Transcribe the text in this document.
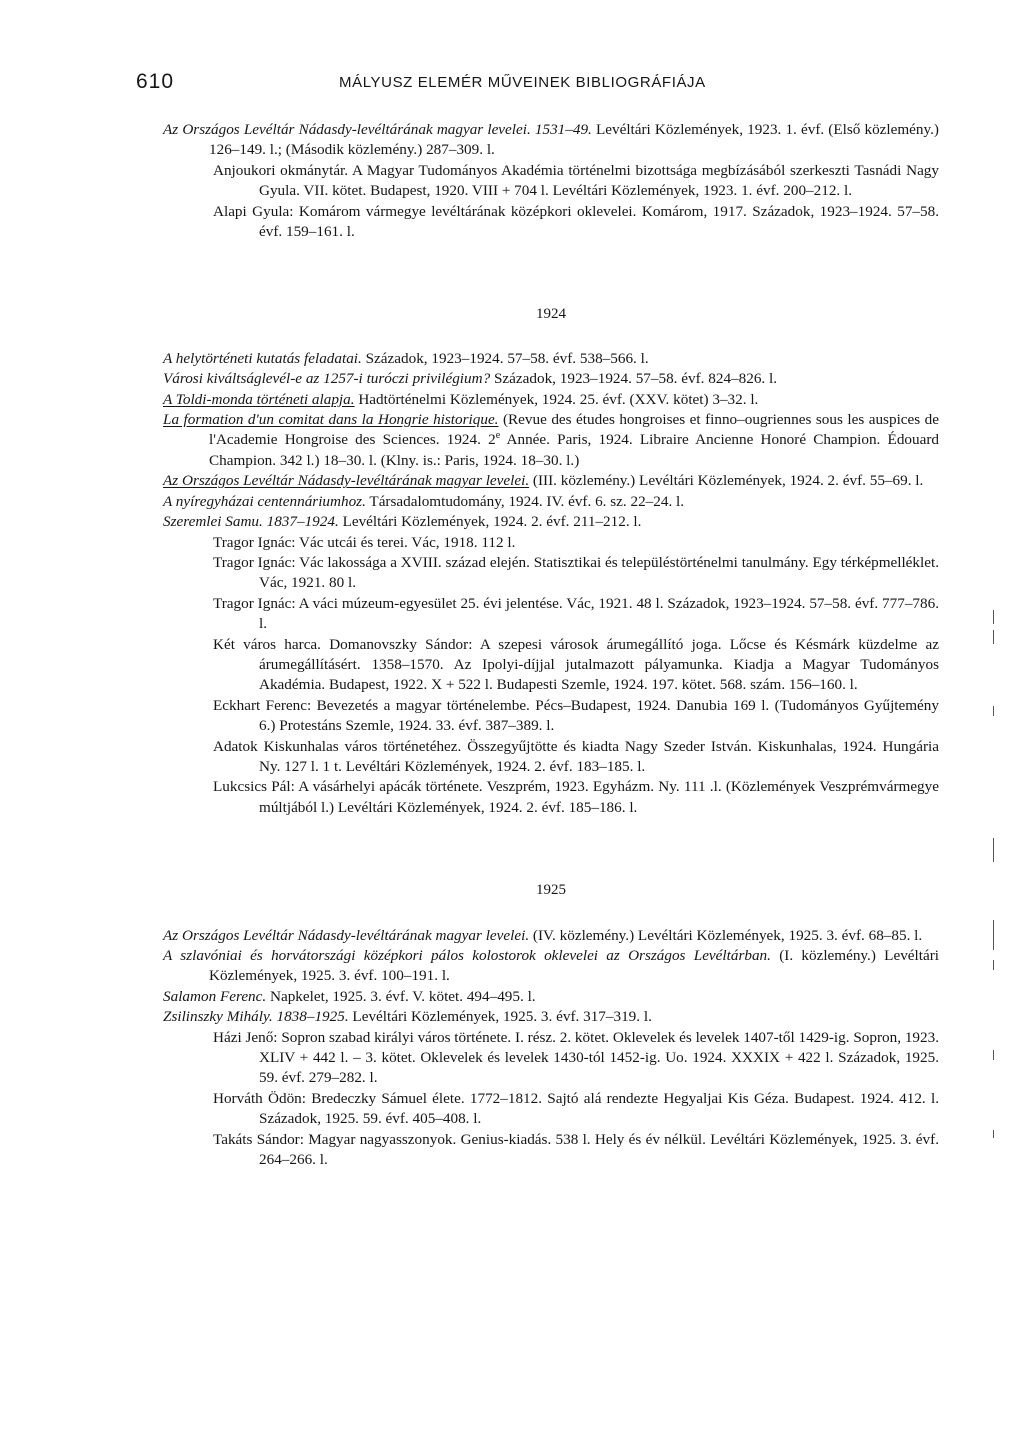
610	MÁLYUSZ ELEMÉR MŰVEINEK BIBLIOGRÁFIÁJA

Az Országos Levéltár Nádasdy-levéltárának magyar levelei. 1531–49. Levéltári Közlemények, 1923. 1. évf. (Első közlemény.) 126–149. l.; (Második közlemény.) 287–309. l.

Anjoukori okmánytár. A Magyar Tudományos Akadémia történelmi bizottsága megbízásából szerkeszti Tasnádi Nagy Gyula. VII. kötet. Budapest, 1920. VIII + 704 l. Levéltári Közlemények, 1923. 1. évf. 200–212. l.

Alapi Gyula: Komárom vármegye levéltárának középkori oklevelei. Komárom, 1917. Századok, 1923–1924. 57–58. évf. 159–161. l.

1924

A helytörténeti kutatás feladatai. Századok, 1923–1924. 57–58. évf. 538–566. l.

Városi kiváltságlevél-e az 1257-i turóczi privilégium? Századok, 1923–1924. 57–58. évf. 824–826. l.

A Toldi-monda történeti alapja. Hadtörténelmi Közlemények, 1924. 25. évf. (XXV. kötet) 3–32. l.

La formation d'un comitat dans la Hongrie historique. (Revue des études hongroises et finno–ougriennes sous les auspices de l'Academie Hongroise des Sciences. 1924. 2e Année. Paris, 1924. Libraire Ancienne Honoré Champion. Édouard Champion. 342 l.) 18–30. l. (Klny. is.: Paris, 1924. 18–30. l.)

Az Országos Levéltár Nádasdy-levéltárának magyar levelei. (III. közlemény.) Levéltári Közlemények, 1924. 2. évf. 55–69. l.

A nyíregyházai centennáriumhoz. Társadalomtudomány, 1924. IV. évf. 6. sz. 22–24. l.

Szeremlei Samu. 1837–1924. Levéltári Közlemények, 1924. 2. évf. 211–212. l.

Tragor Ignác: Vác utcái és terei. Vác, 1918. 112 l.

Tragor Ignác: Vác lakossága a XVIII. század elején. Statisztikai és településtörténelmi tanulmány. Egy térképmelléklet. Vác, 1921. 80 l.

Tragor Ignác: A váci múzeum-egyesület 25. évi jelentése. Vác, 1921. 48 l. Századok, 1923–1924. 57–58. évf. 777–786. l.

Két város harca. Domanovszky Sándor: A szepesi városok árumegállító joga. Lőcse és Késmárk küzdelme az árumegállításért. 1358–1570. Az Ipolyi-díjjal jutalmazott pályamunka. Kiadja a Magyar Tudományos Akadémia. Budapest, 1922. X + 522 l. Budapesti Szemle, 1924. 197. kötet. 568. szám. 156–160. l.

Eckhart Ferenc: Bevezetés a magyar történelembe. Pécs–Budapest, 1924. Danubia 169 l. (Tudományos Gyűjtemény 6.) Protestáns Szemle, 1924. 33. évf. 387–389. l.

Adatok Kiskunhalas város történetéhez. Összegyűjtötte és kiadta Nagy Szeder István. Kiskunhalas, 1924. Hungária Ny. 127 l. 1 t. Levéltári Közlemények, 1924. 2. évf. 183–185. l.

Lukcsics Pál: A vásárhelyi apácák története. Veszprém, 1923. Egyházm. Ny. 111 .l. (Közlemények Veszprémvármegye múltjából l.) Levéltári Közlemények, 1924. 2. évf. 185–186. l.

1925

Az Országos Levéltár Nádasdy-levéltárának magyar levelei. (IV. közlemény.) Levéltári Közlemények, 1925. 3. évf. 68–85. l.

A szlavóniai és horvátországi középkori pálos kolostorok oklevelei az Országos Levéltárban. (I. közlemény.) Levéltári Közlemények, 1925. 3. évf. 100–191. l.

Salamon Ferenc. Napkelet, 1925. 3. évf. V. kötet. 494–495. l.

Zsilinszky Mihály. 1838–1925. Levéltári Közlemények, 1925. 3. évf. 317–319. l.

Házi Jenő: Sopron szabad királyi város története. I. rész. 2. kötet. Oklevelek és levelek 1407-től 1429-ig. Sopron, 1923. XLIV + 442 l. – 3. kötet. Oklevelek és levelek 1430-tól 1452-ig. Uo. 1924. XXXIX + 422 l. Századok, 1925. 59. évf. 279–282. l.

Horváth Ödön: Bredeczky Sámuel élete. 1772–1812. Sajtó alá rendezte Hegyaljai Kis Géza. Budapest. 1924. 412. l. Századok, 1925. 59. évf. 405–408. l.

Takáts Sándor: Magyar nagyasszonyok. Genius-kiadás. 538 l. Hely és év nélkül. Levéltári Közlemények, 1925. 3. évf. 264–266. l.
